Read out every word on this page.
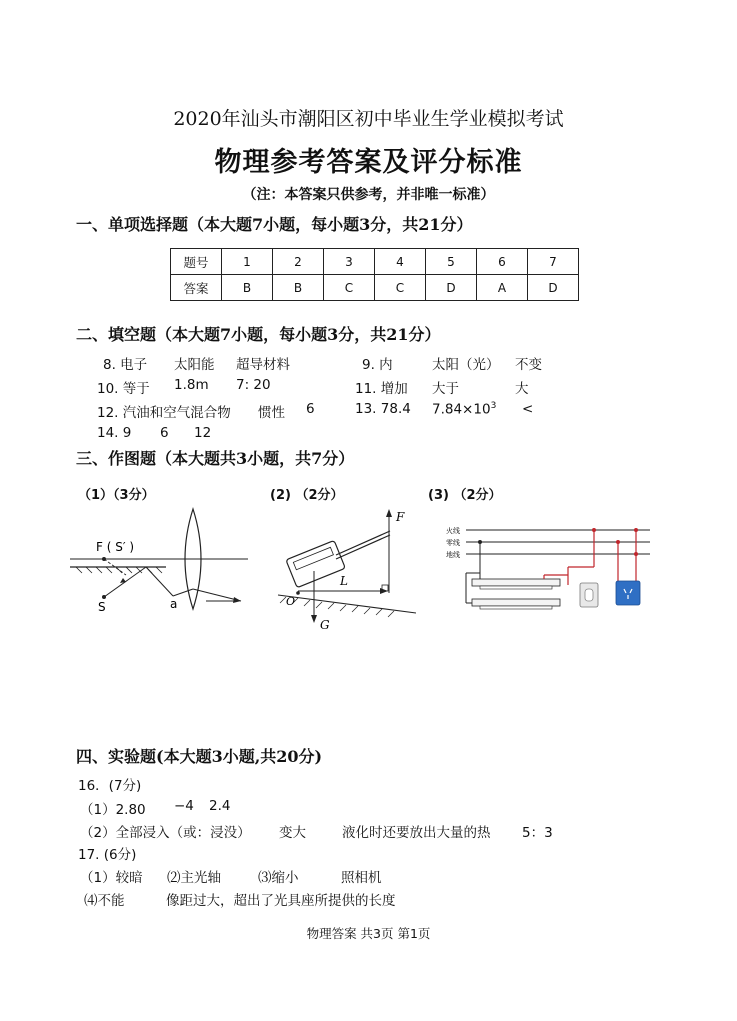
2020年汕头市潮阳区初中毕业生学业模拟考试
物理参考答案及评分标准
（注：本答案只供参考，并非唯一标准）
一、单项选择题（本大题7小题，每小题3分，共21分）
题号	1	2	3	4	5	6	7
答案	B	B	C	C	D	A	D
二、填空题（本大题7小题，每小题3分，共21分）
8. 电子 太阳能 超导材料	9. 内	太阳（光） 不变
10. 等于 1.8m 7: 20	11. 增加 大于	大
12. 汽油和空气混合物 惯性 6	13. 78.4 $7.84\times 10^3$ <
14. 9 6 12
三、作图题（本大题共3小题，共7分）
（1）（3分）	(2) （2分）	(3) （2分）
F ( S′ )
S	a
F
L
O
G
火线
零线
地线
四、实验题(本大题3小题,共20分)
16．(7分)
（1）2.80 −4 2.4
（2）全部浸入（或：浸没） 变大	液化时还要放出大量的热 5：3
17. (6分)
（1）较暗 ⑵主光轴	⑶缩小	照相机
⑷不能	像距过大，超出了光具座所提供的长度
物理答案 共3页 第1页
